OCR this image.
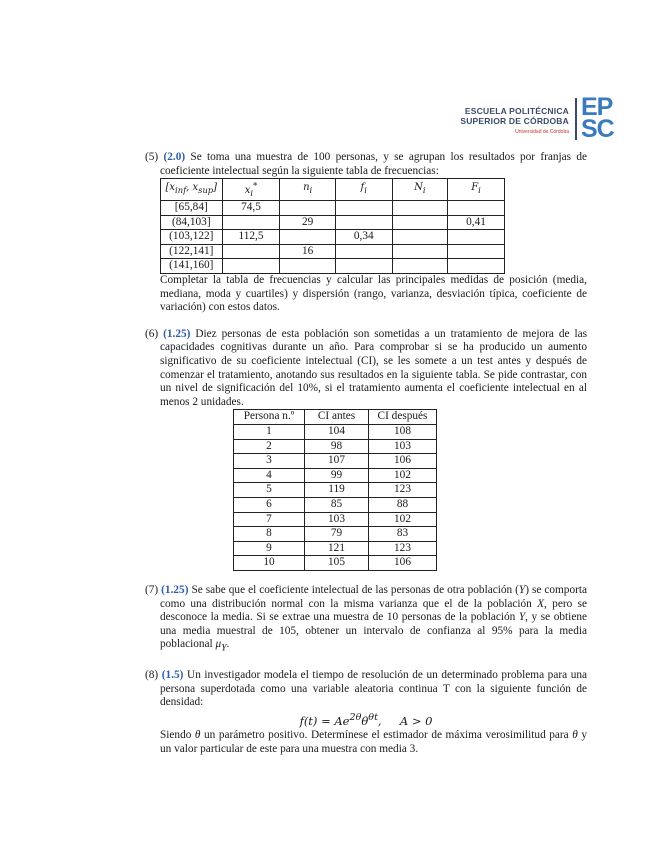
ESCUELA POLITÉCNICA
SUPERIOR DE CÓRDOBA
Universidad de Córdoba
EP
SC

(5) (2.0) Se toma una muestra de 100 personas, y se agrupan los resultados por franjas de coeficiente intelectual según la siguiente tabla de frecuencias:

[$x_{inf}$, $x_{sup}$]	$x_i^*$	$n_i$	$f_i$	$N_i$	$F_i$
[65,84]	74,5				
(84,103]		29			0,41
(103,122]	112,5		0,34		
(122,141]		16			
(141,160]					

Completar la tabla de frecuencias y calcular las principales medidas de posición (media, mediana, moda y cuartiles) y dispersión (rango, varianza, desviación típica, coeficiente de variación) con estos datos.

(6) (1.25) Diez personas de esta población son sometidas a un tratamiento de mejora de las capacidades cognitivas durante un año. Para comprobar si se ha producido un aumento significativo de su coeficiente intelectual (CI), se les somete a un test antes y después de comenzar el tratamiento, anotando sus resultados en la siguiente tabla. Se pide contrastar, con un nivel de significación del 10%, si el tratamiento aumenta el coeficiente intelectual en al menos 2 unidades.

Persona n.º	CI antes	CI después
1	104	108
2	98	103
3	107	106
4	99	102
5	119	123
6	85	88
7	103	102
8	79	83
9	121	123
10	105	106

(7) (1.25) Se sabe que el coeficiente intelectual de las personas de otra población (Y) se comporta como una distribución normal con la misma varianza que el de la población X, pero se desconoce la media. Si se extrae una muestra de 10 personas de la población Y, y se obtiene una media muestral de 105, obtener un intervalo de confianza al 95% para la media poblacional $\mu_Y$.

(8) (1.5) Un investigador modela el tiempo de resolución de un determinado problema para una persona superdotada como una variable aleatoria continua T con la siguiente función de densidad:

$f(t) = Ae^{2\theta}\theta^{\theta t}$,     A > 0

Siendo θ un parámetro positivo. Determínese el estimador de máxima verosimilitud para θ y un valor particular de este para una muestra con media 3.
